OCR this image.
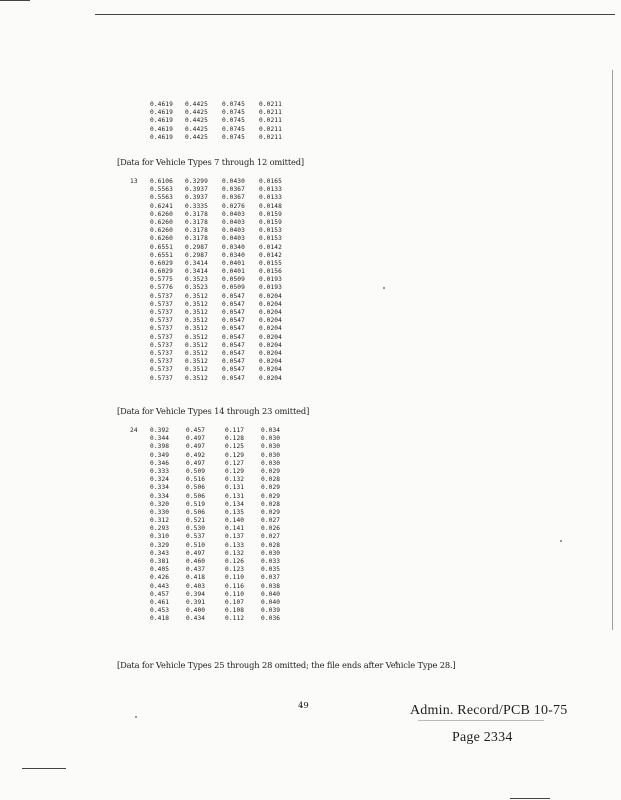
0.4619 0.4425 0.0745 0.0211
0.4619 0.4425 0.0745 0.0211
0.4619 0.4425 0.0745 0.0211
0.4619 0.4425 0.0745 0.0211
0.4619 0.4425 0.0745 0.0211
[Data for Vehicle Types 7 through 12 omitted]
13 0.6106 0.3299 0.0430 0.0165
0.5563 0.3937 0.0367 0.0133
0.5563 0.3937 0.0367 0.0133
0.6241 0.3335 0.0276 0.0148
0.6260 0.3178 0.0403 0.0159
0.6260 0.3178 0.0403 0.0159
0.6260 0.3178 0.0403 0.0153
0.6260 0.3178 0.0403 0.0153
0.6551 0.2987 0.0340 0.0142
0.6551 0.2987 0.0340 0.0142
0.6029 0.3414 0.0401 0.0155
0.6029 0.3414 0.0401 0.0156
0.5775 0.3523 0.0509 0.0193
0.5776 0.3523 0.0509 0.0193
0.5737 0.3512 0.0547 0.0204
0.5737 0.3512 0.0547 0.0204
0.5737 0.3512 0.0547 0.0204
0.5737 0.3512 0.0547 0.0204
0.5737 0.3512 0.0547 0.0204
0.5737 0.3512 0.0547 0.0204
0.5737 0.3512 0.0547 0.0204
0.5737 0.3512 0.0547 0.0204
0.5737 0.3512 0.0547 0.0204
0.5737 0.3512 0.0547 0.0204
0.5737 0.3512 0.0547 0.0204
[Data for Vehicle Types 14 through 23 omitted]
24 0.392	0.457	0.117	0.034
0.344	0.497	0.128	0.030
0.398	0.497	0.125	0.030
0.349	0.492	0.129	0.030
0.346	0.497	0.127	0.030
0.333	0.509	0.129	0.029
0.324	0.516	0.132	0.028
0.334	0.506	0.131	0.029
0.334	0.506	0.131	0.029
0.320	0.519	0.134	0.028
0.330	0.506	0.135	0.029
0.312	0.521	0.140	0.027
0.293	0.530	0.141	0.026
0.310	0.537	0.137	0.027
0.329	0.510	0.133	0.028
0.343	0.497	0.132	0.030
0.381	0.460	0.126	0.033
0.405	0.437	0.123	0.035
0.426	0.418	0.110	0.037
0.443	0.403	0.116	0.038
0.457	0.394	0.110	0.040
0.461	0.391	0.107	0.040
0.453	0.400	0.108	0.039
0.418	0.434	0.112	0.036
[Data for Vehicle Types 25 through 28 omitted; the file ends after Vehicle Type 28.]
49	Admin. Record/PCB 10-75
Page 2334
